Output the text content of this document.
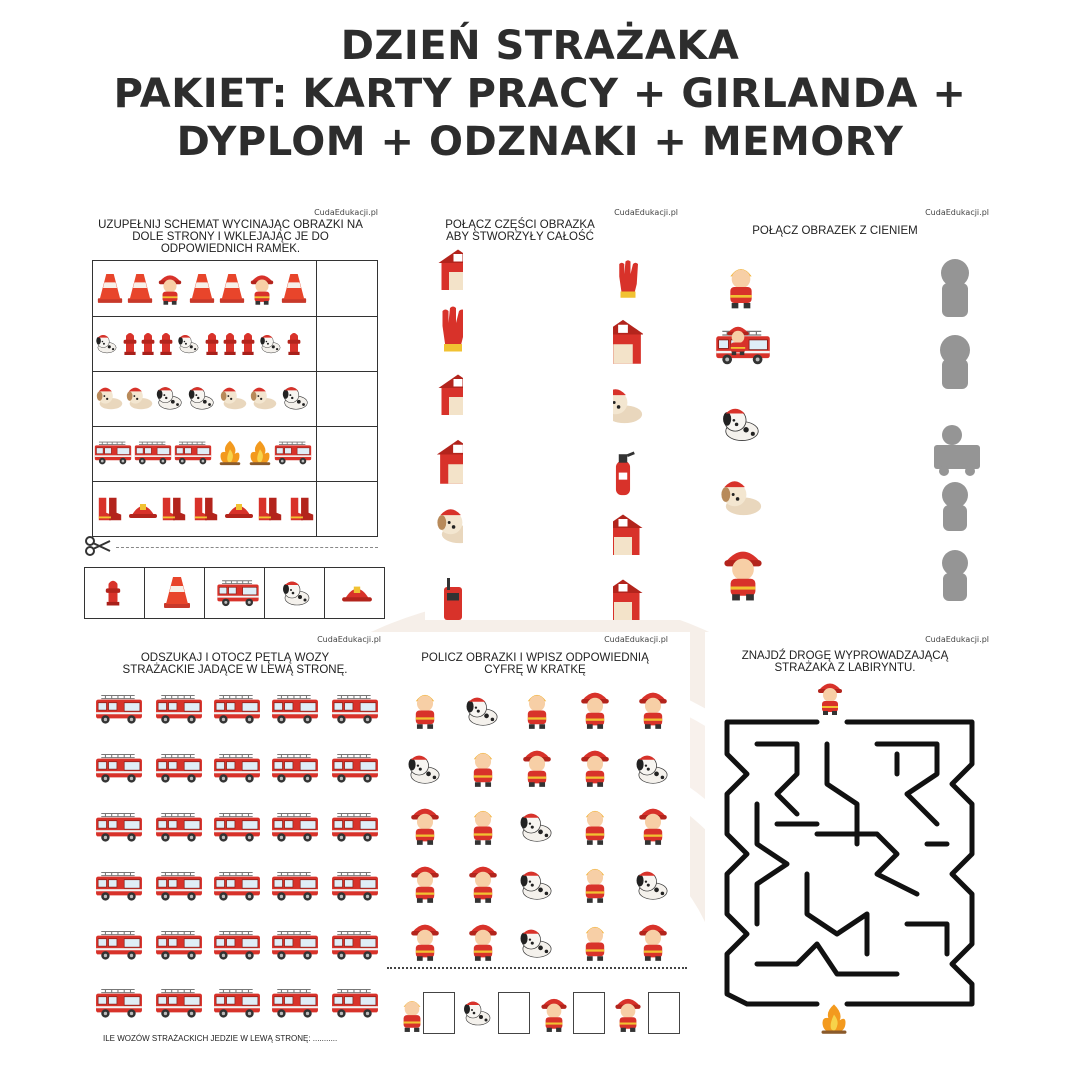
DZIEŃ STRAŻAKA
PAKIET: KARTY PRACY + GIRLANDA +
DYPLOM + ODZNAKI + MEMORY
CudaEdukacji.pl
UZUPEŁNIJ SCHEMAT WYCINAJĄC OBRAZKI NA DOLE STRONY I WKLEJAJĄC JE DO ODPOWIEDNICH RAMEK.
CudaEdukacji.pl
POŁĄCZ CZĘŚCI OBRAZKA ABY STWORZYŁY CAŁOŚĆ
CudaEdukacji.pl
POŁĄCZ OBRAZEK Z CIENIEM
CudaEdukacji.pl
ODSZUKAJ I OTOCZ PĘTLĄ WOZY STRAŻACKIE JADĄCE W LEWĄ STRONĘ.
ILE WOZÓW STRAŻACKICH JEDZIE W LEWĄ STRONĘ: ...........
CudaEdukacji.pl
POLICZ OBRAZKI I WPISZ ODPOWIEDNIĄ CYFRĘ W KRATKĘ
CudaEdukacji.pl
ZNAJDŹ DROGĘ WYPROWADZAJĄCĄ STRAŻAKA Z LABIRYNTU.
